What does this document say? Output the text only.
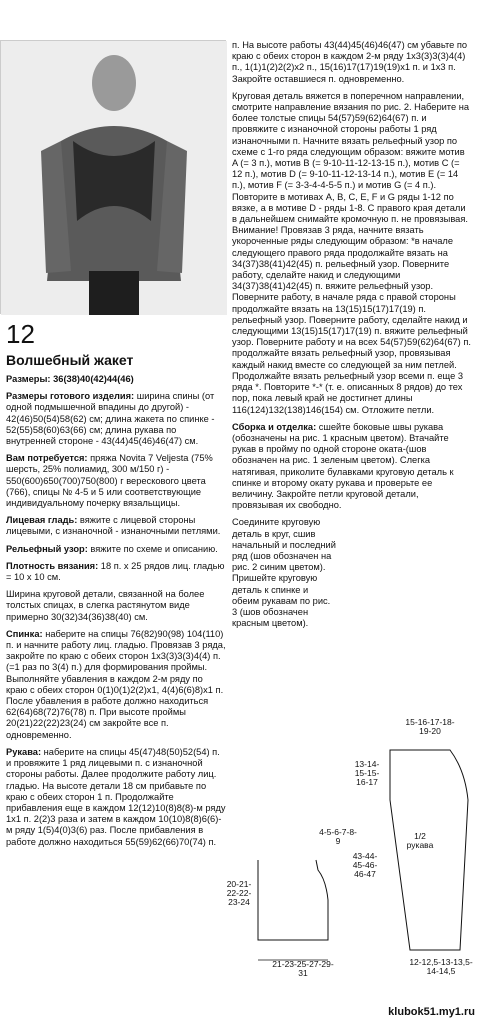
12
Волшебный жакет

Размеры: 36(38)40(42)44(46)

Размеры готового изделия: ширина спины (от одной подмышечной впадины до другой) - 42(46)50(54)58(62) см; длина жакета по спинке - 52(55)58(60)63(66) см; длина рукава по внутренней стороне - 43(44)45(46)46(47) см.

Вам потребуется: пряжа Novita 7 Veljesta (75% шерсть, 25% полиамид, 300 м/150 г) - 550(600)650(700)750(800) г верескового цвета (766), спицы № 4-5 и 5 или соответствующие индивидуальному почерку вязальщицы.

Лицевая гладь: вяжите с лицевой стороны лицевыми, с изнаночной - изнаночными петлями.

Рельефный узор: вяжите по схеме и описанию.

Плотность вязания: 18 п. x 25 рядов лиц. гладью = 10 x 10 см.

Ширина круговой детали, связанной на более толстых спицах, в слегка растянутом виде примерно 30(32)34(36)38(40) см.

Спинка: наберите на спицы 76(82)90(98) 104(110) п. и начните работу лиц. гладью. Провязав 3 ряда, закройте по краю с обеих сторон 1x3(3)3(3)4(4) п. (=1 раз по 3(4) п.) для формирования проймы. Выполняйте убавления в каждом 2-м ряду по краю с обеих сторон 0(1)0(1)2(2)x1, 4(4)6(6)8)x1 п. После убавления в работе должно находиться 62(64)68(72)76(78) п. При высоте проймы 20(21)22(22)23(24) см закройте все п. одновременно.

Рукава: наберите на спицы 45(47)48(50)52(54) п. и провяжите 1 ряд лицевыми п. с изнаночной стороны работы. Далее продолжите работу лиц. гладью. На высоте детали 18 см прибавьте по краю с обеих сторон 1 п. Продолжайте прибавления еще в каждом 12(12)10(8)8(8)-м ряду 1x1 п. 2(2)3 раза и затем в каждом 10(10)8(8)6(6)-м ряду 1(5)4(0)3(6) раз. После прибавления в работе должно находиться 55(59)62(66)70(74) п.

п. На высоте работы 43(44)45(46)46(47) см убавьте по краю с обеих сторон в каждом 2-м ряду 1x3(3)3(3)4(4) п., 1(1)1(2)2(2)x2 п., 15(16)17(17)19(19)x1 п. и 1x3 п. Закройте оставшиеся п. одновременно.

Круговая деталь вяжется в поперечном направлении, смотрите направление вязания по рис. 2. Наберите на более толстые спицы 54(57)59(62)64(67) п. и провяжите с изнаночной стороны работы 1 ряд изнаночными п. Начните вязать рельефный узор по схеме с 1-го ряда следующим образом: вяжите мотив A (= 3 п.), мотив B (= 9-10-11-12-13-15 п.), мотив C (= 12 п.), мотив D (= 9-10-11-12-13-14 п.), мотив E (= 14 п.), мотив F (= 3-3-4-4-5-5 п.) и мотив G (= 4 п.). Повторите в мотивах A, B, C, E, F и G ряды 1-12 по вязке, а в мотиве D - ряды 1-8. С правого края детали в дальнейшем снимайте кромочную п. не провязывая. Внимание! Провязав 3 ряда, начните вязать укороченные ряды следующим образом: *в начале следующего правого ряда продолжайте вязать на 34(37)38(41)42(45) п. рельефный узор. Поверните работу, сделайте накид и следующими 34(37)38(41)42(45) п. вяжите рельефный узор. Поверните работу, в начале ряда с правой стороны продолжайте вязать на 13(15)15(17)17(19) п. рельефный узор. Поверните работу, сделайте накид и следующими 13(15)15(17)17(19) п. вяжите рельефный узор. Поверните работу и на всех 54(57)59(62)64(67) п. продолжайте вязать рельефный узор, провязывая каждый накид вместе со следующей за ним петлей. Продолжайте вязать рельефный узор всеми п. еще 3 ряда *. Повторите *-* (т. е. описанных 8 рядов) до тех пор, пока левый край не достигнет длины 116(124)132(138)146(154) см. Отложите петли.

Сборка и отделка: сшейте боковые швы рукава (обозначены на рис. 1 красным цветом). Втачайте рукав в пройму по одной стороне оката-(шов обозначен на рис. 1 зеленым цветом). Слегка натягивая, приколите булавками круговую деталь к спинке и второму окату рукава и проверьте ее величину. Закройте петли круговой детали, провязывая их свободно.

Соедините круговую деталь в круг, сшив начальный и последний ряд (шов обозначен на рис. 2 синим цветом). Пришейте круговую деталь к спинке и обеим рукавам по рис. 3 (шов обозначен красным цветом).

4-5-6-7-8-9
20-21-22-22-23-24
43-44-45-46-46-47
21-23-25-27-29-31
15-16-17-18-19-20
13-14-15-15-16-17
1/2 рукава
12-12,5-13-13,5-14-14,5
klubok51.my1.ru
